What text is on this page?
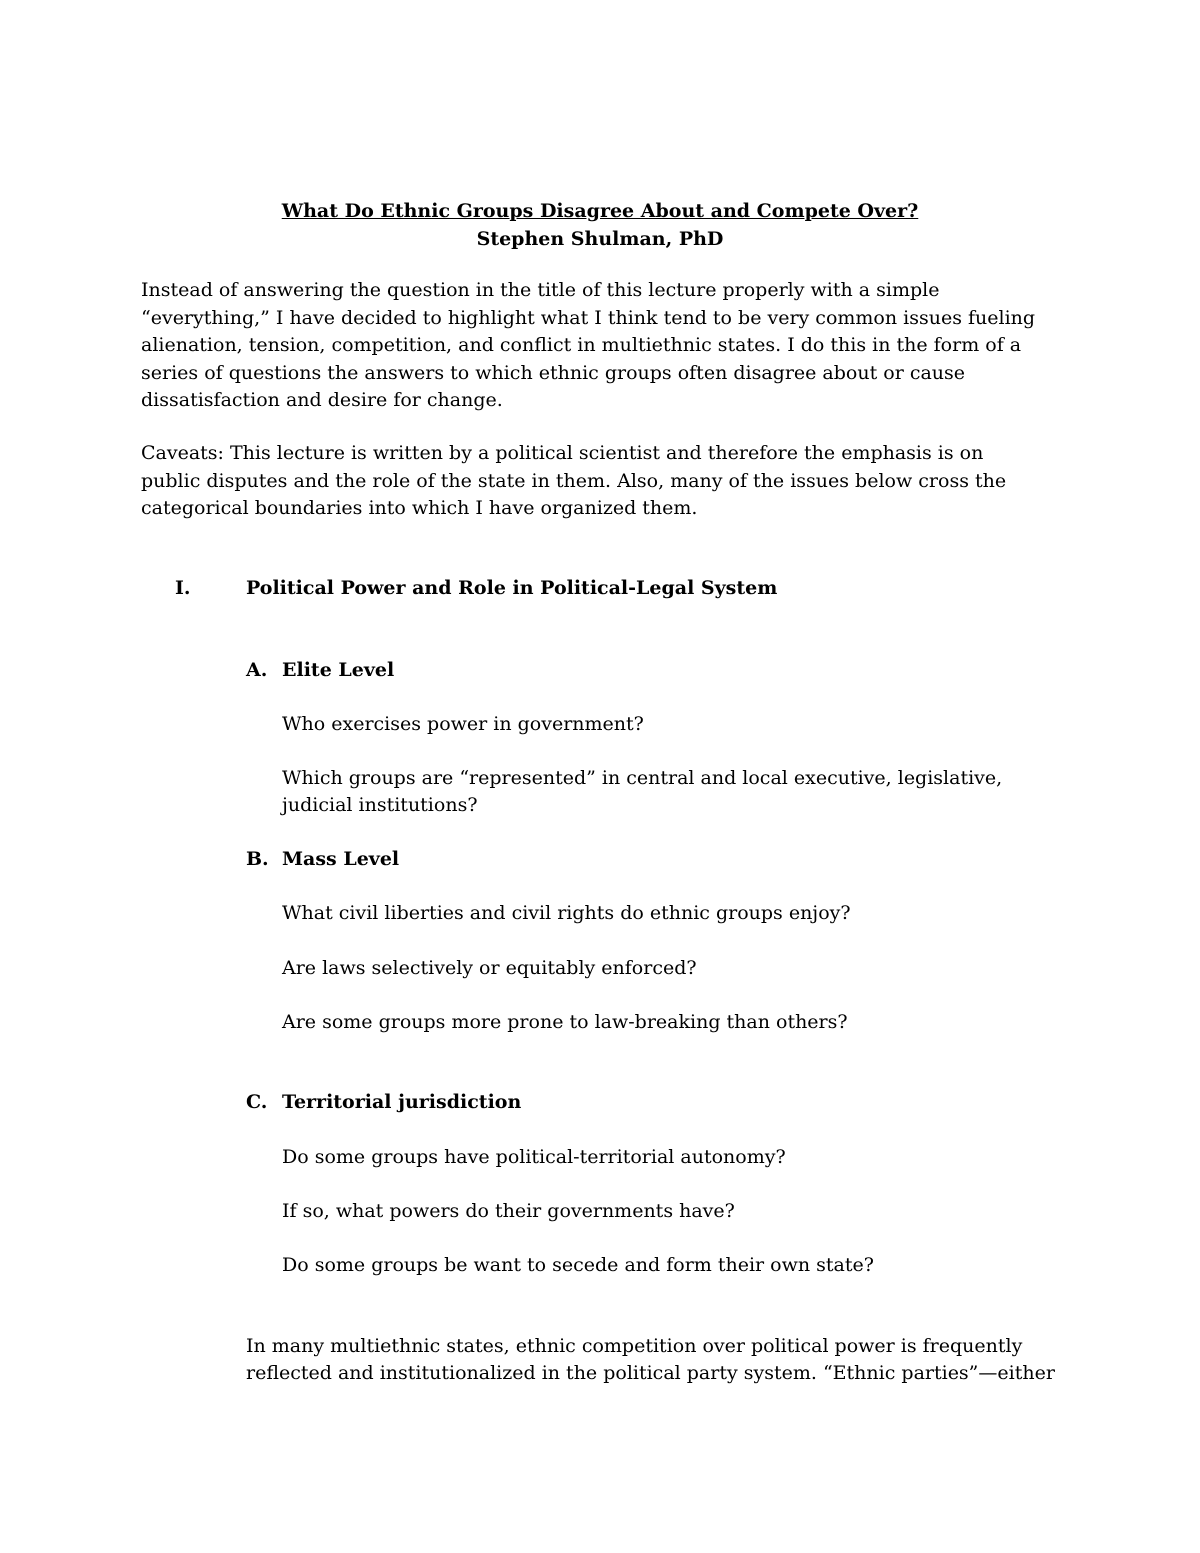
What Do Ethnic Groups Disagree About and Compete Over?

Stephen Shulman, PhD

Instead of answering the question in the title of this lecture properly with a simple “everything,” I have decided to highlight what I think tend to be very common issues fueling alienation, tension, competition, and conflict in multiethnic states. I do this in the form of a series of questions the answers to which ethnic groups often disagree about or cause dissatisfaction and desire for change.

Caveats: This lecture is written by a political scientist and therefore the emphasis is on public disputes and the role of the state in them. Also, many of the issues below cross the categorical boundaries into which I have organized them.

I.	Political Power and Role in Political-Legal System

A. Elite Level

Who exercises power in government?

Which groups are “represented” in central and local executive, legislative, judicial institutions?

B. Mass Level

What civil liberties and civil rights do ethnic groups enjoy?

Are laws selectively or equitably enforced?

Are some groups more prone to law-breaking than others?

C. Territorial jurisdiction

Do some groups have political-territorial autonomy?

If so, what powers do their governments have?

Do some groups be want to secede and form their own state?

In many multiethnic states, ethnic competition over political power is frequently reflected and institutionalized in the political party system. “Ethnic parties”—either
